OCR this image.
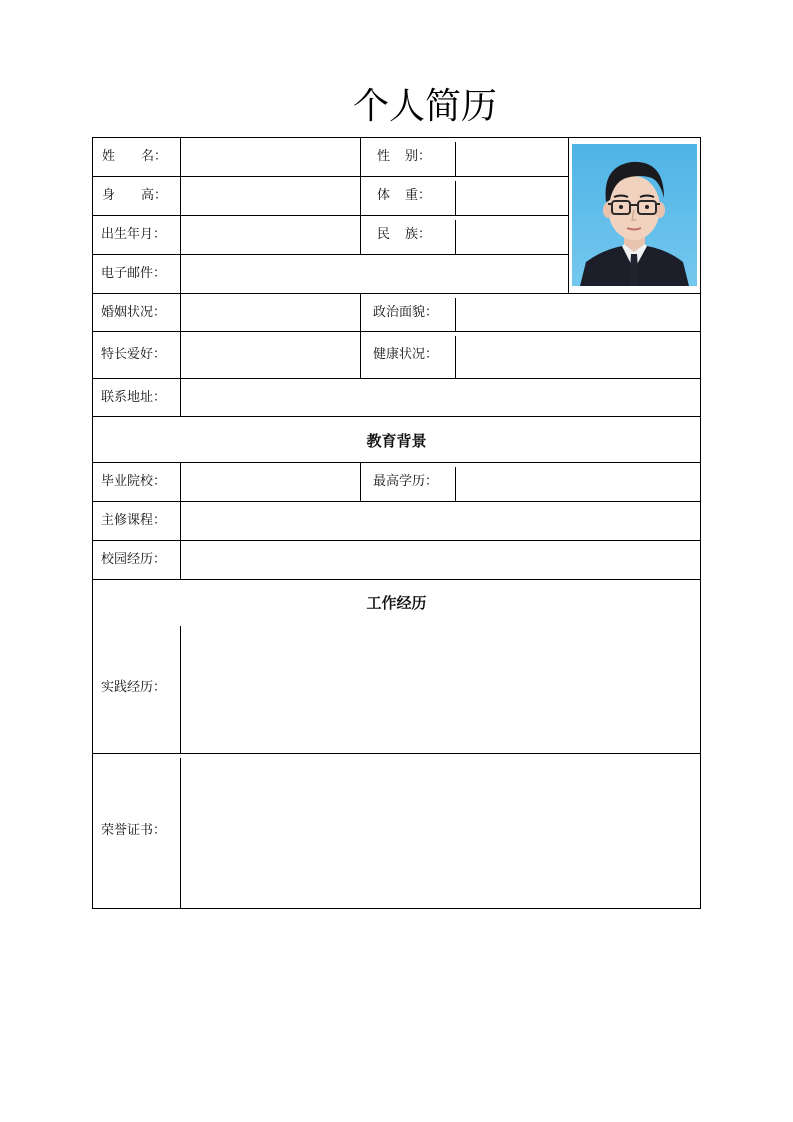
个人简历
姓 名：	性 别：
身 高：	体 重：
出生年月：	民 族：
电子邮件：
婚姻状况：	政治面貌：
特长爱好：	健康状况：
联系地址：
教育背景
毕业院校：	最高学历：
主修课程：
校园经历：
工作经历
实践经历：
荣誉证书：
